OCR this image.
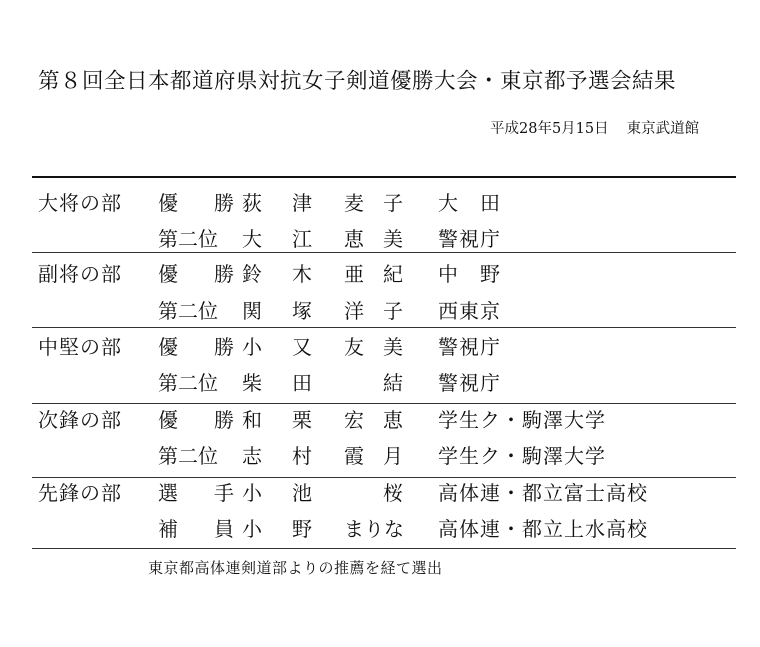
第８回全日本都道府県対抗女子剣道優勝大会・東京都予選会結果
平成28年5月15日 東京武道館
大将の部 優 勝 荻 津 麦 子 大　田
第二位 大 江 恵 美 警視庁
副将の部 優 勝 鈴 木 亜 紀 中　野
第二位 関 塚 洋 子 西東京
中堅の部 優 勝 小 又 友 美 警視庁
第二位 柴 田	結 警視庁
次鋒の部 優 勝 和 栗 宏 恵 学生ク・駒澤大学
第二位 志 村 霞 月 学生ク・駒澤大学
先鋒の部 選 手 小 池	桜 高体連・都立富士高校
補 員 小 野 まりな 高体連・都立上水高校
東京都高体連剣道部よりの推薦を経て選出
